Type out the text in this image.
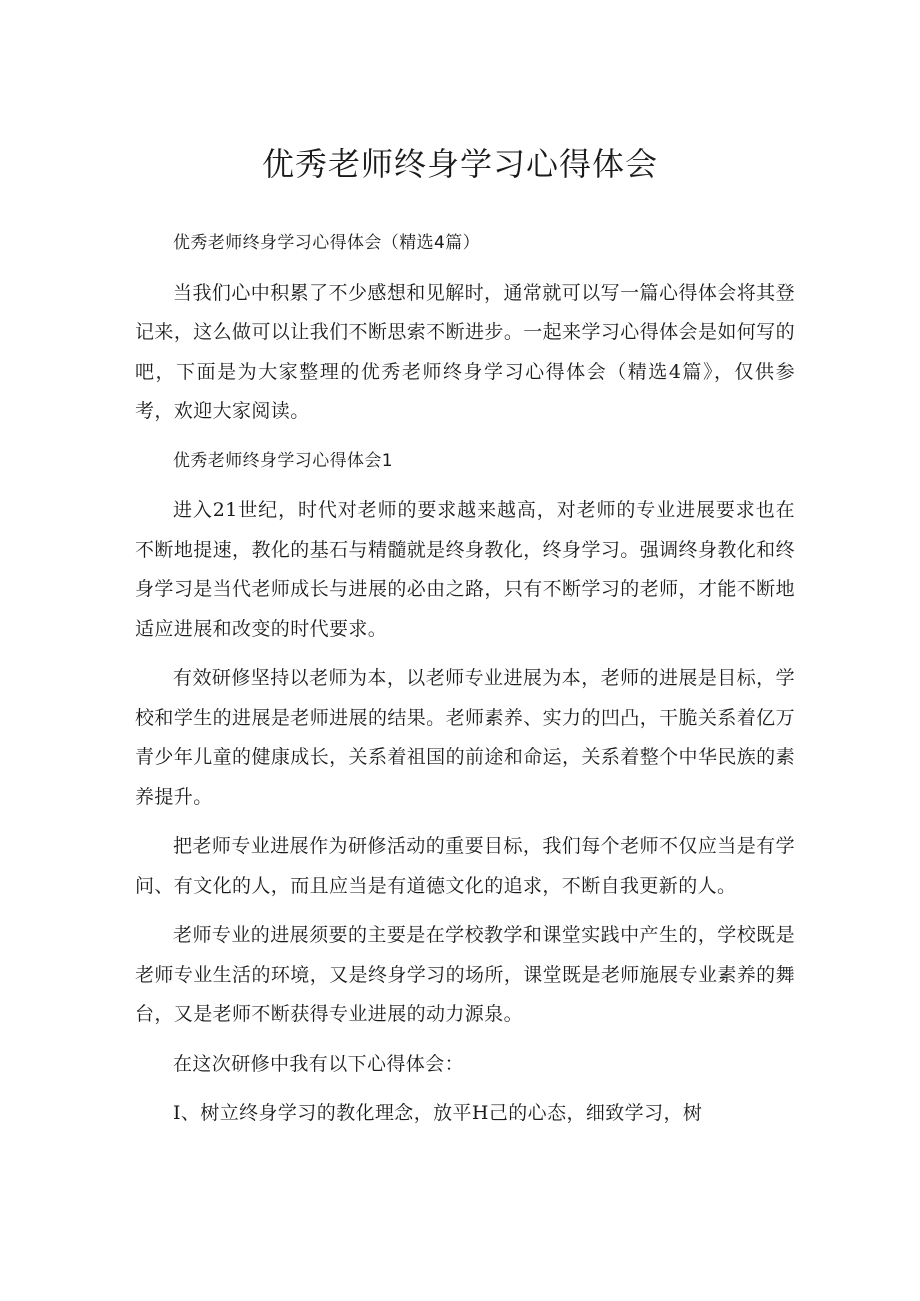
优秀老师终身学习心得体会

优秀老师终身学习心得体会（精选4篇）

当我们心中积累了不少感想和见解时，通常就可以写一篇心得体会将其登记来，这么做可以让我们不断思索不断进步。一起来学习心得体会是如何写的吧，下面是为大家整理的优秀老师终身学习心得体会（精选4篇》，仅供参考，欢迎大家阅读。

优秀老师终身学习心得体会1

进入21世纪，时代对老师的要求越来越高，对老师的专业进展要求也在不断地提速，教化的基石与精髓就是终身教化，终身学习。强调终身教化和终身学习是当代老师成长与进展的必由之路，只有不断学习的老师，才能不断地适应进展和改变的时代要求。

有效研修坚持以老师为本，以老师专业进展为本，老师的进展是目标，学校和学生的进展是老师进展的结果。老师素养、实力的凹凸，干脆关系着亿万青少年儿童的健康成长，关系着祖国的前途和命运，关系着整个中华民族的素养提升。

把老师专业进展作为研修活动的重要目标，我们每个老师不仅应当是有学问、有文化的人，而且应当是有道德文化的追求，不断自我更新的人。

老师专业的进展须要的主要是在学校教学和课堂实践中产生的，学校既是老师专业生活的环境，又是终身学习的场所，课堂既是老师施展专业素养的舞台，又是老师不断获得专业进展的动力源泉。

在这次研修中我有以下心得体会：

I、树立终身学习的教化理念，放平H己的心态，细致学习，树
